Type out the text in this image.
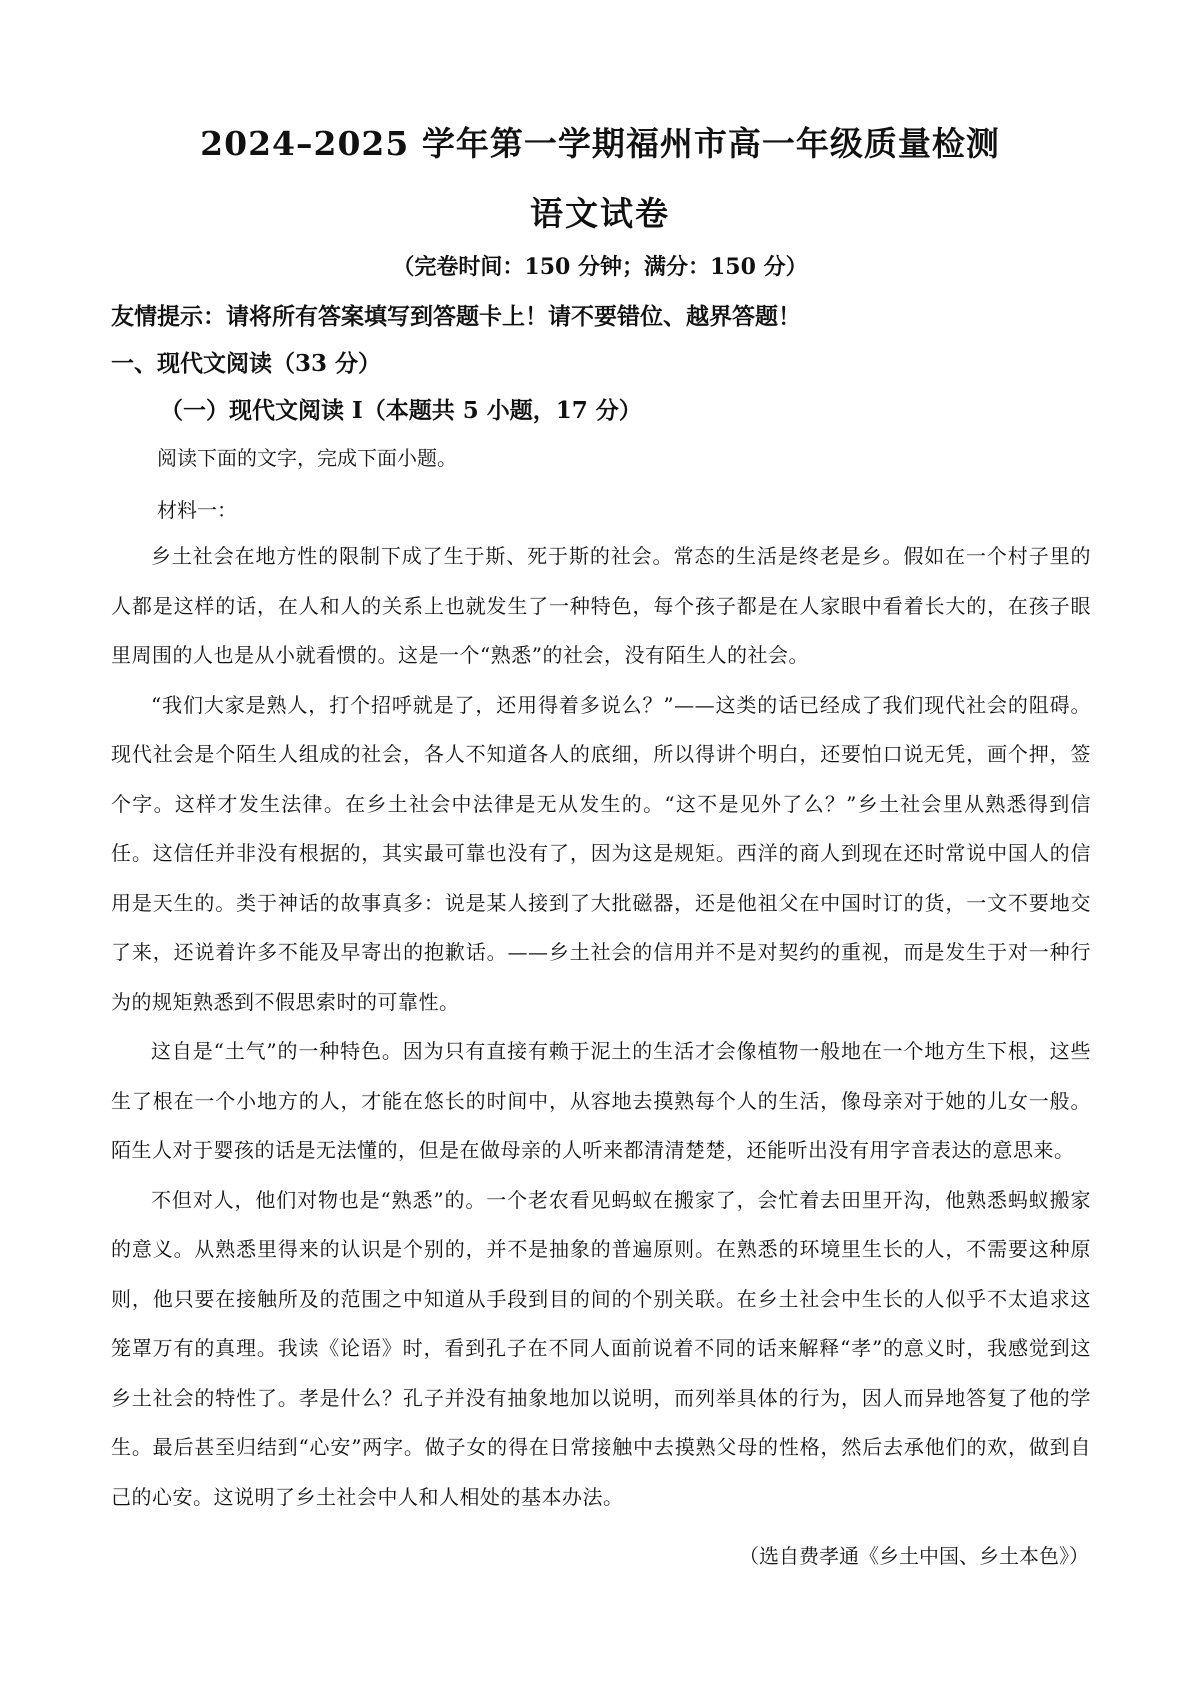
2024–2025 学年第一学期福州市高一年级质量检测
语文试卷
（完卷时间：150 分钟；满分：150 分）
友情提示：请将所有答案填写到答题卡上！请不要错位、越界答题！
一、现代文阅读（33 分）
（一）现代文阅读 I（本题共 5 小题，17 分）
阅读下面的文字，完成下面小题。
材料一：

乡土社会在地方性的限制下成了生于斯、死于斯的社会。常态的生活是终老是乡。假如在一个村子里的人都是这样的话，在人和人的关系上也就发生了一种特色，每个孩子都是在人家眼中看着长大的，在孩子眼里周围的人也是从小就看惯的。这是一个“熟悉”的社会，没有陌生人的社会。

“我们大家是熟人，打个招呼就是了，还用得着多说么？”——这类的话已经成了我们现代社会的阻碍。现代社会是个陌生人组成的社会，各人不知道各人的底细，所以得讲个明白，还要怕口说无凭，画个押，签个字。这样才发生法律。在乡土社会中法律是无从发生的。“这不是见外了么？”乡土社会里从熟悉得到信任。这信任并非没有根据的，其实最可靠也没有了，因为这是规矩。西洋的商人到现在还时常说中国人的信用是天生的。类于神话的故事真多：说是某人接到了大批磁器，还是他祖父在中国时订的货，一文不要地交了来，还说着许多不能及早寄出的抱歉话。——乡土社会的信用并不是对契约的重视，而是发生于对一种行为的规矩熟悉到不假思索时的可靠性。

这自是“土气”的一种特色。因为只有直接有赖于泥土的生活才会像植物一般地在一个地方生下根，这些生了根在一个小地方的人，才能在悠长的时间中，从容地去摸熟每个人的生活，像母亲对于她的儿女一般。陌生人对于婴孩的话是无法懂的，但是在做母亲的人听来都清清楚楚，还能听出没有用字音表达的意思来。

不但对人，他们对物也是“熟悉”的。一个老农看见蚂蚁在搬家了，会忙着去田里开沟，他熟悉蚂蚁搬家的意义。从熟悉里得来的认识是个别的，并不是抽象的普遍原则。在熟悉的环境里生长的人，不需要这种原则，他只要在接触所及的范围之中知道从手段到目的间的个别关联。在乡土社会中生长的人似乎不太追求这笼罩万有的真理。我读《论语》时，看到孔子在不同人面前说着不同的话来解释“孝”的意义时，我感觉到这乡土社会的特性了。孝是什么？孔子并没有抽象地加以说明，而列举具体的行为，因人而异地答复了他的学生。最后甚至归结到“心安”两字。做子女的得在日常接触中去摸熟父母的性格，然后去承他们的欢，做到自己的心安。这说明了乡土社会中人和人相处的基本办法。

（选自费孝通《乡土中国、乡土本色》）
